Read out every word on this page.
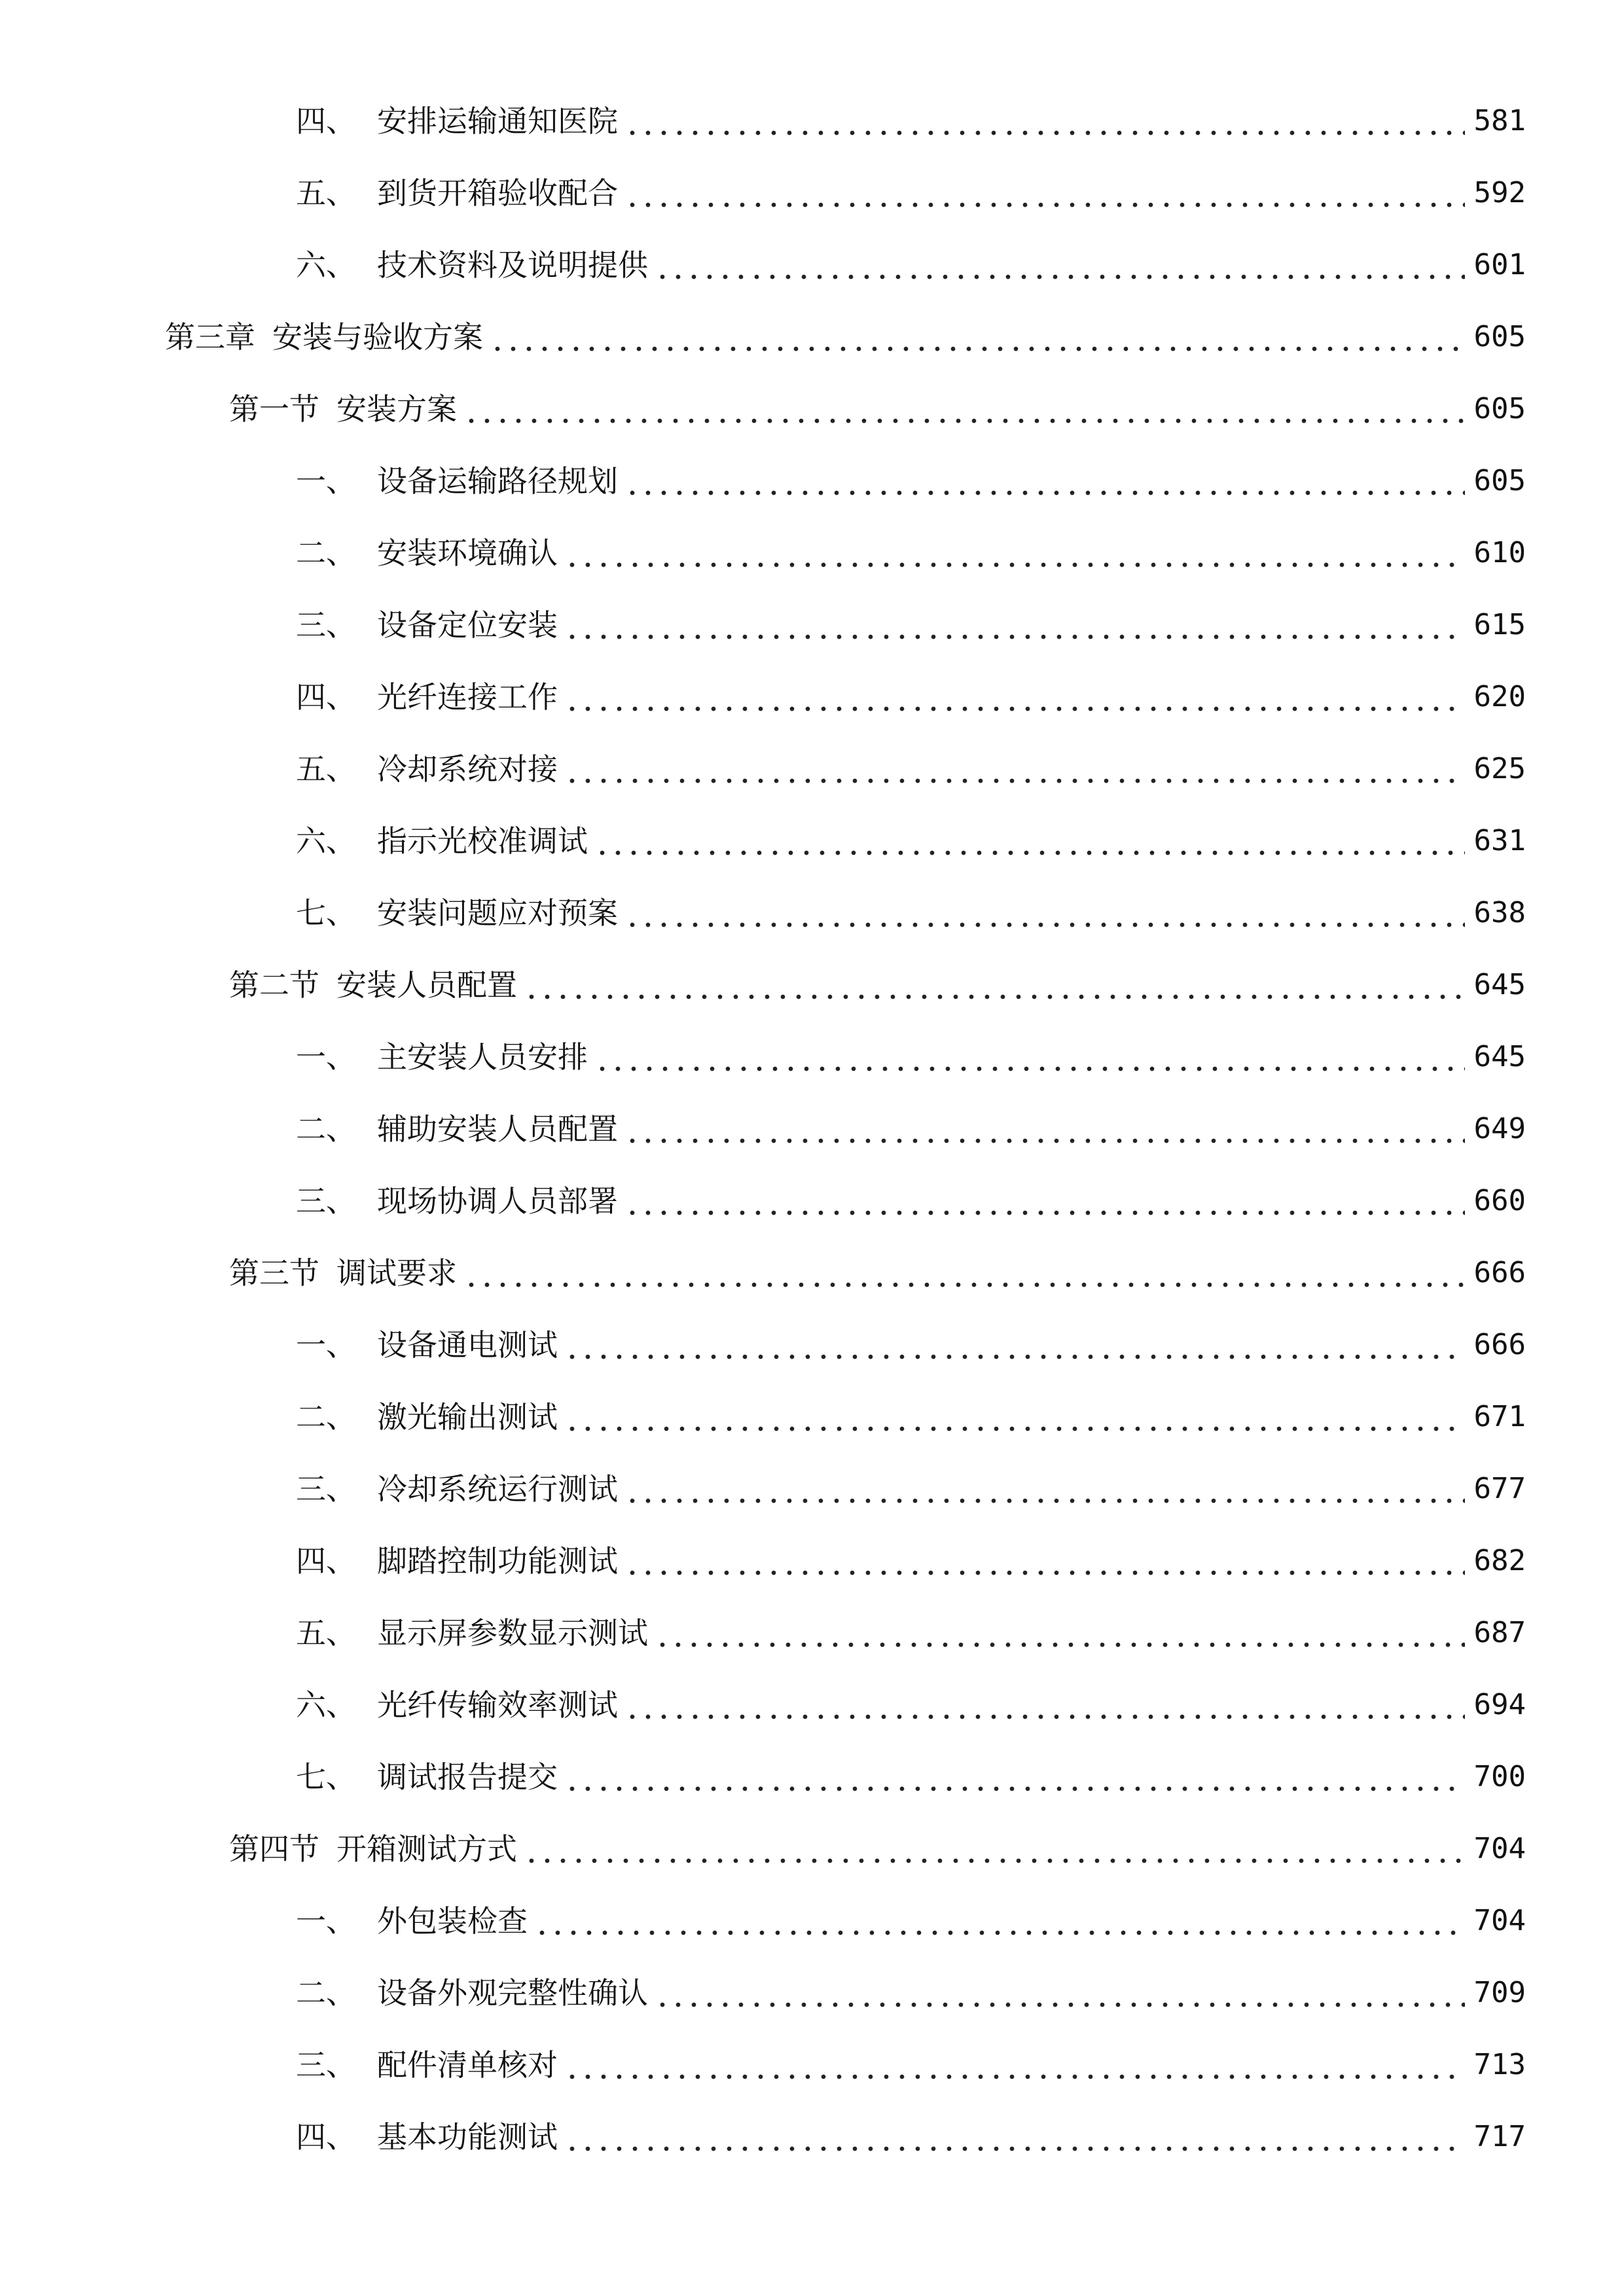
四、 安排运输通知医院	581
五、 到货开箱验收配合	592
六、 技术资料及说明提供	601
第三章 安装与验收方案	605
第一节 安装方案	605
一、 设备运输路径规划	605
二、 安装环境确认	610
三、 设备定位安装	615
四、 光纤连接工作	620
五、 冷却系统对接	625
六、 指示光校准调试	631
七、 安装问题应对预案	638
第二节 安装人员配置	645
一、 主安装人员安排	645
二、 辅助安装人员配置	649
三、 现场协调人员部署	660
第三节 调试要求	666
一、 设备通电测试	666
二、 激光输出测试	671
三、 冷却系统运行测试	677
四、 脚踏控制功能测试	682
五、 显示屏参数显示测试	687
六、 光纤传输效率测试	694
七、 调试报告提交	700
第四节 开箱测试方式	704
一、 外包装检查	704
二、 设备外观完整性确认	709
三、 配件清单核对	713
四、 基本功能测试	717
